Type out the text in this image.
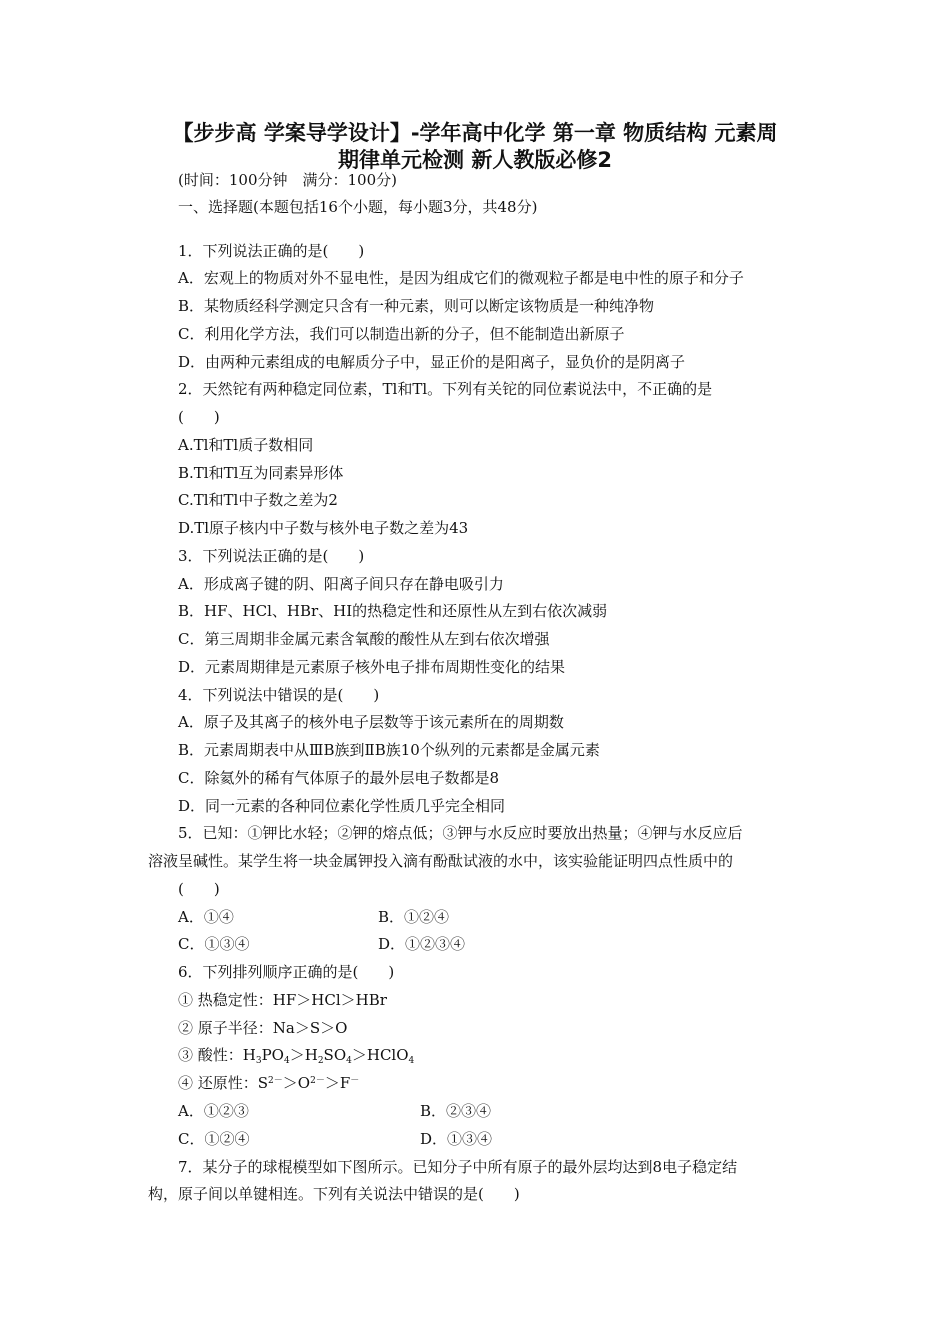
【步步高 学案导学设计】-学年高中化学 第一章 物质结构 元素周
期律单元检测 新人教版必修2

(时间：100分钟　满分：100分)

一、选择题(本题包括16个小题，每小题3分，共48分)

1．下列说法正确的是(　　)

A．宏观上的物质对外不显电性，是因为组成它们的微观粒子都是电中性的原子和分子

B．某物质经科学测定只含有一种元素，则可以断定该物质是一种纯净物

C．利用化学方法，我们可以制造出新的分子，但不能制造出新原子

D．由两种元素组成的电解质分子中，显正价的是阳离子，显负价的是阴离子

2．天然铊有两种稳定同位素，Tl和Tl。下列有关铊的同位素说法中，不正确的是

(　　)

A.Tl和Tl质子数相同

B.Tl和Tl互为同素异形体

C.Tl和Tl中子数之差为2

D.Tl原子核内中子数与核外电子数之差为43

3．下列说法正确的是(　　)

A．形成离子键的阴、阳离子间只存在静电吸引力

B．HF、HCl、HBr、HI的热稳定性和还原性从左到右依次减弱

C．第三周期非金属元素含氧酸的酸性从左到右依次增强

D．元素周期律是元素原子核外电子排布周期性变化的结果

4．下列说法中错误的是(　　)

A．原子及其离子的核外电子层数等于该元素所在的周期数

B．元素周期表中从ⅢB族到ⅡB族10个纵列的元素都是金属元素

C．除氦外的稀有气体原子的最外层电子数都是8

D．同一元素的各种同位素化学性质几乎完全相同

5．已知：①钾比水轻；②钾的熔点低；③钾与水反应时要放出热量；④钾与水反应后

溶液呈碱性。某学生将一块金属钾投入滴有酚酞试液的水中，该实验能证明四点性质中的

(　　)

A．①④	B．①②④
C．①③④	D．①②③④

6．下列排列顺序正确的是(　　)

① 热稳定性：HF＞HCl＞HBr

② 原子半径：Na＞S＞O

③ 酸性：$H_3PO_4>H_2SO_4>HClO_4$

④ 还原性：$S^{2-}>O^{2-}>F^-$

A．①②③	B．②③④
C．①②④	D．①③④

7．某分子的球棍模型如下图所示。已知分子中所有原子的最外层均达到8电子稳定结

构，原子间以单键相连。下列有关说法中错误的是(　　)
